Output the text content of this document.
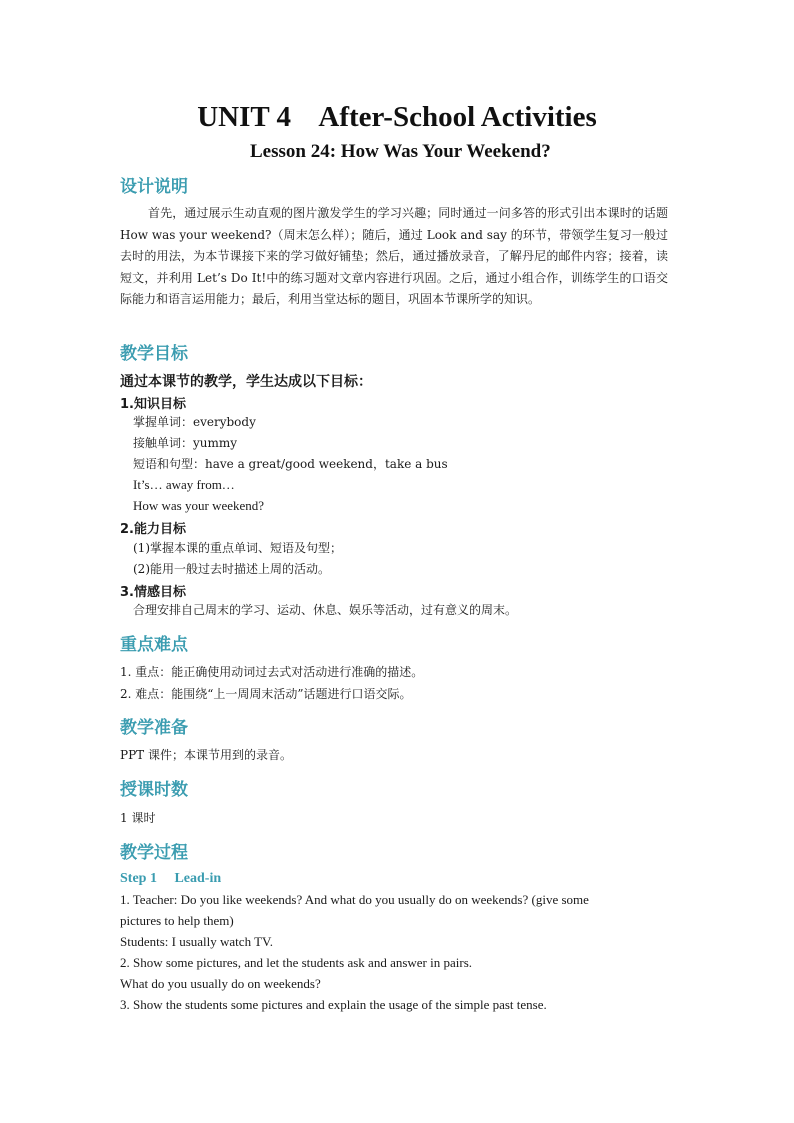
UNIT 4    After-School Activities
Lesson 24: How Was Your Weekend?
设计说明
首先，通过展示生动直观的图片激发学生的学习兴趣；同时通过一问多答的形式引出本课时的话题 How was your weekend?（周末怎么样）；随后，通过 Look and say 的环节，带领学生复习一般过去时的用法，为本节课接下来的学习做好铺垫；然后，通过播放录音，了解丹尼的邮件内容；接着，读短文，并利用 Let’s Do It!中的练习题对文章内容进行巩固。之后，通过小组合作，训练学生的口语交际能力和语言运用能力；最后，利用当堂达标的题目，巩固本节课所学的知识。
教学目标
通过本课节的教学，学生达成以下目标：
1.知识目标
掌握单词：everybody
接触单词：yummy
短语和句型：have a great/good weekend，take a bus
It’s… away from…
How was your weekend?
2.能力目标
(1)掌握本课的重点单词、短语及句型；
(2)能用一般过去时描述上周的活动。
3.情感目标
合理安排自己周末的学习、运动、休息、娱乐等活动，过有意义的周末。
重点难点
1. 重点：能正确使用动词过去式对活动进行准确的描述。
2. 难点：能围绕“上一周周末活动”话题进行口语交际。
教学准备
PPT 课件；本课节用到的录音。
授课时数
1 课时
教学过程
Step 1     Lead-in
1. Teacher: Do you like weekends? And what do you usually do on weekends? (give some
pictures to help them)
Students: I usually watch TV.
2. Show some pictures, and let the students ask and answer in pairs.
What do you usually do on weekends?
3. Show the students some pictures and explain the usage of the simple past tense.
